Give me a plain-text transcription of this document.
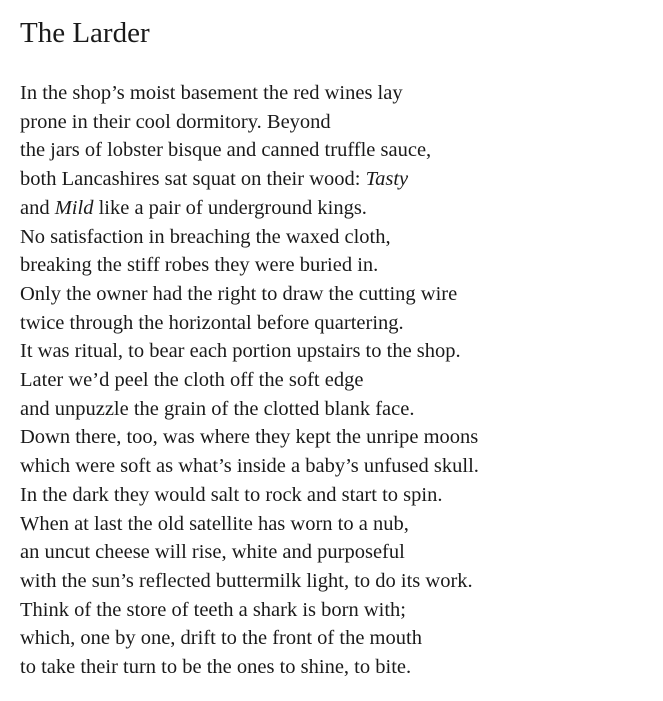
The Larder
In the shop’s moist basement the red wines lay
prone in their cool dormitory. Beyond
the jars of lobster bisque and canned truffle sauce,
both Lancashires sat squat on their wood: Tasty
and Mild like a pair of underground kings.
No satisfaction in breaching the waxed cloth,
breaking the stiff robes they were buried in.
Only the owner had the right to draw the cutting wire
twice through the horizontal before quartering.
It was ritual, to bear each portion upstairs to the shop.
Later we’d peel the cloth off the soft edge
and unpuzzle the grain of the clotted blank face.
Down there, too, was where they kept the unripe moons
which were soft as what’s inside a baby’s unfused skull.
In the dark they would salt to rock and start to spin.
When at last the old satellite has worn to a nub,
an uncut cheese will rise, white and purposeful
with the sun’s reflected buttermilk light, to do its work.
Think of the store of teeth a shark is born with;
which, one by one, drift to the front of the mouth
to take their turn to be the ones to shine, to bite.
